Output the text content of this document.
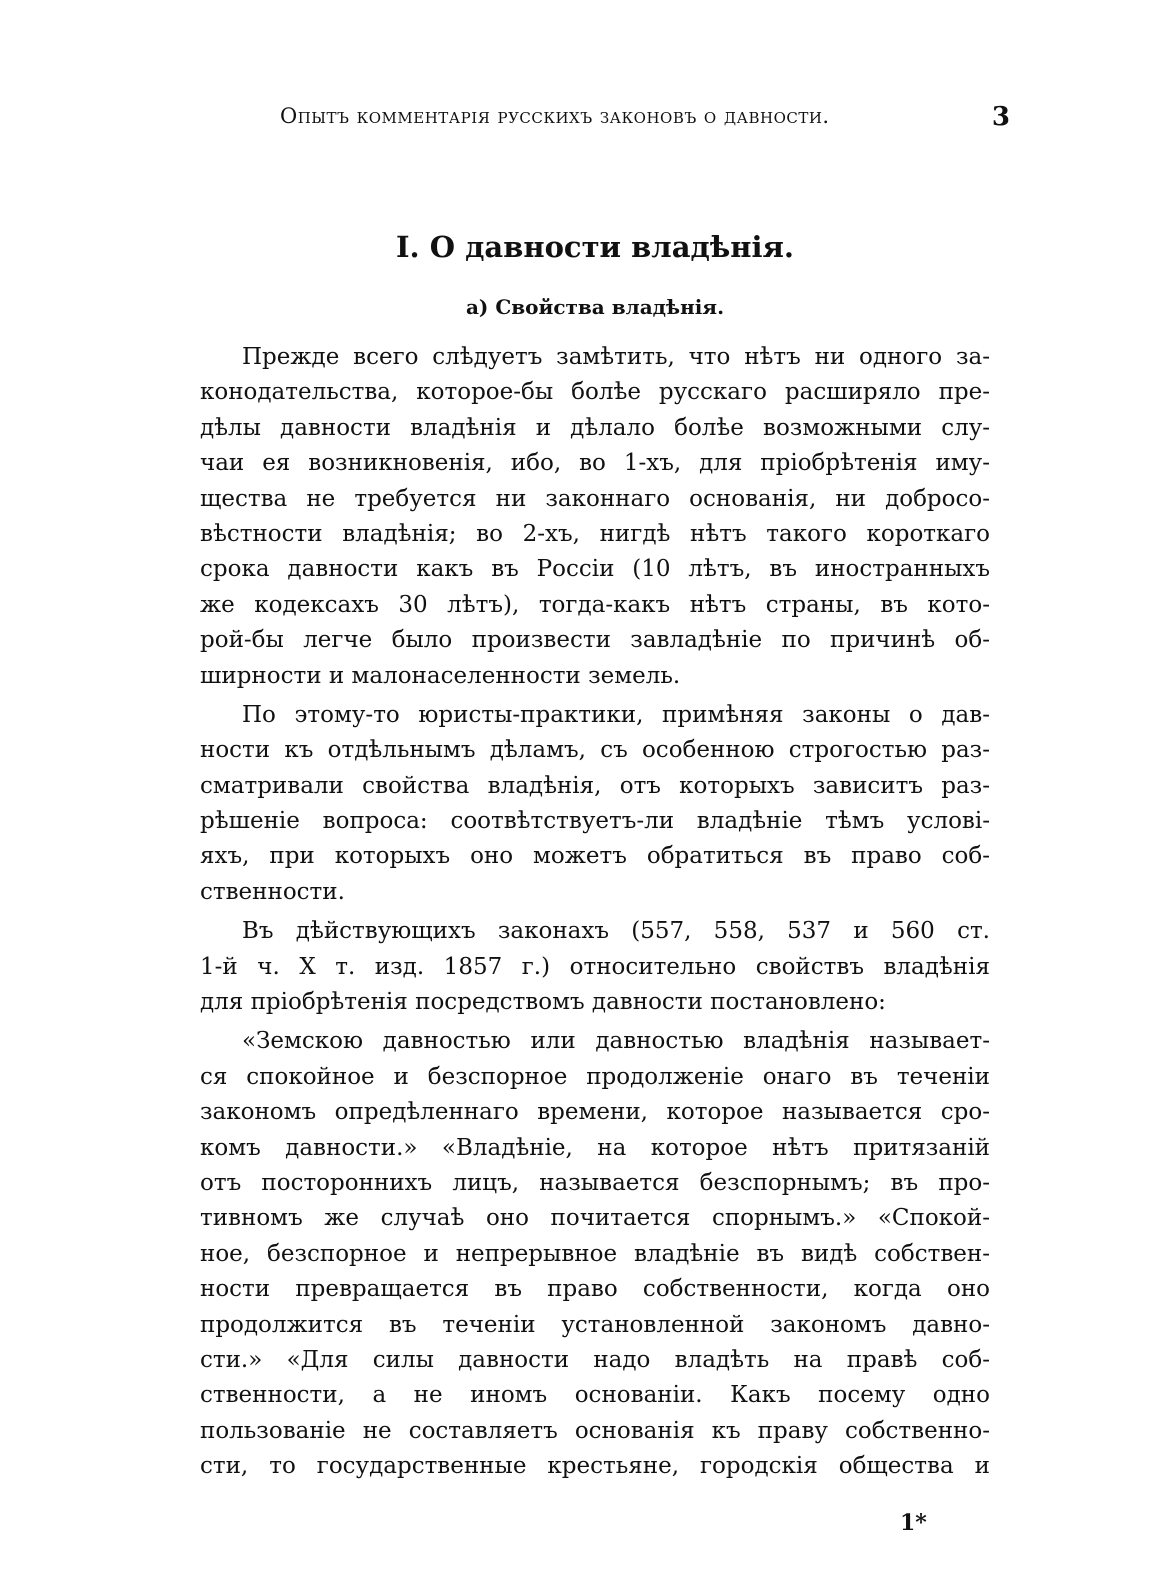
Опытъ комментарія русскихъ законовъ о давности.	3
I. О давности владѣнія.
а) Свойства владѣнія.
Прежде всего слѣдуетъ замѣтить, что нѣтъ ни одного за-
конодательства, которое-бы болѣе русскаго расширяло пре-
дѣлы давности владѣнія и дѣлало болѣе возможными слу-
чаи ея возникновенія, ибо, во 1-хъ, для пріобрѣтенія иму-
щества не требуется ни законнаго основанія, ни добросо-
вѣстности владѣнія; во 2-хъ, нигдѣ нѣтъ такого короткаго
срока давности какъ въ Россіи (10 лѣтъ, въ иностранныхъ
же кодексахъ 30 лѣтъ), тогда-какъ нѣтъ страны, въ кото-
рой-бы легче было произвести завладѣніе по причинѣ об-
ширности и малонаселенности земель.
По этому-то юристы-практики, примѣняя законы о дав-
ности къ отдѣльнымъ дѣламъ, съ особенною строгостью раз-
сматривали свойства владѣнія, отъ которыхъ зависитъ раз-
рѣшеніе вопроса: соотвѣтствуетъ-ли владѣніе тѣмъ услові-
яхъ, при которыхъ оно можетъ обратиться въ право соб-
ственности.
Въ дѣйствующихъ законахъ (557, 558, 537 и 560 ст.
1-й ч. X т. изд. 1857 г.) относительно свойствъ владѣнія
для пріобрѣтенія посредствомъ давности постановлено:
«Земскою давностью или давностью владѣнія называет-
ся спокойное и безспорное продолженіе онаго въ теченіи
закономъ опредѣленнаго времени, которое называется сро-
комъ давности.» «Владѣніе, на которое нѣтъ притязаній
отъ постороннихъ лицъ, называется безспорнымъ; въ про-
тивномъ же случаѣ оно почитается спорнымъ.» «Спокой-
ное, безспорное и непрерывное владѣніе въ видѣ собствен-
ности превращается въ право собственности, когда оно
продолжится въ теченіи установленной закономъ давно-
сти.» «Для силы давности надо владѣть на правѣ соб-
ственности, а не иномъ основаніи. Какъ посему одно
пользованіе не составляетъ основанія къ праву собственно-
сти, то государственные крестьяне, городскія общества и
1*
